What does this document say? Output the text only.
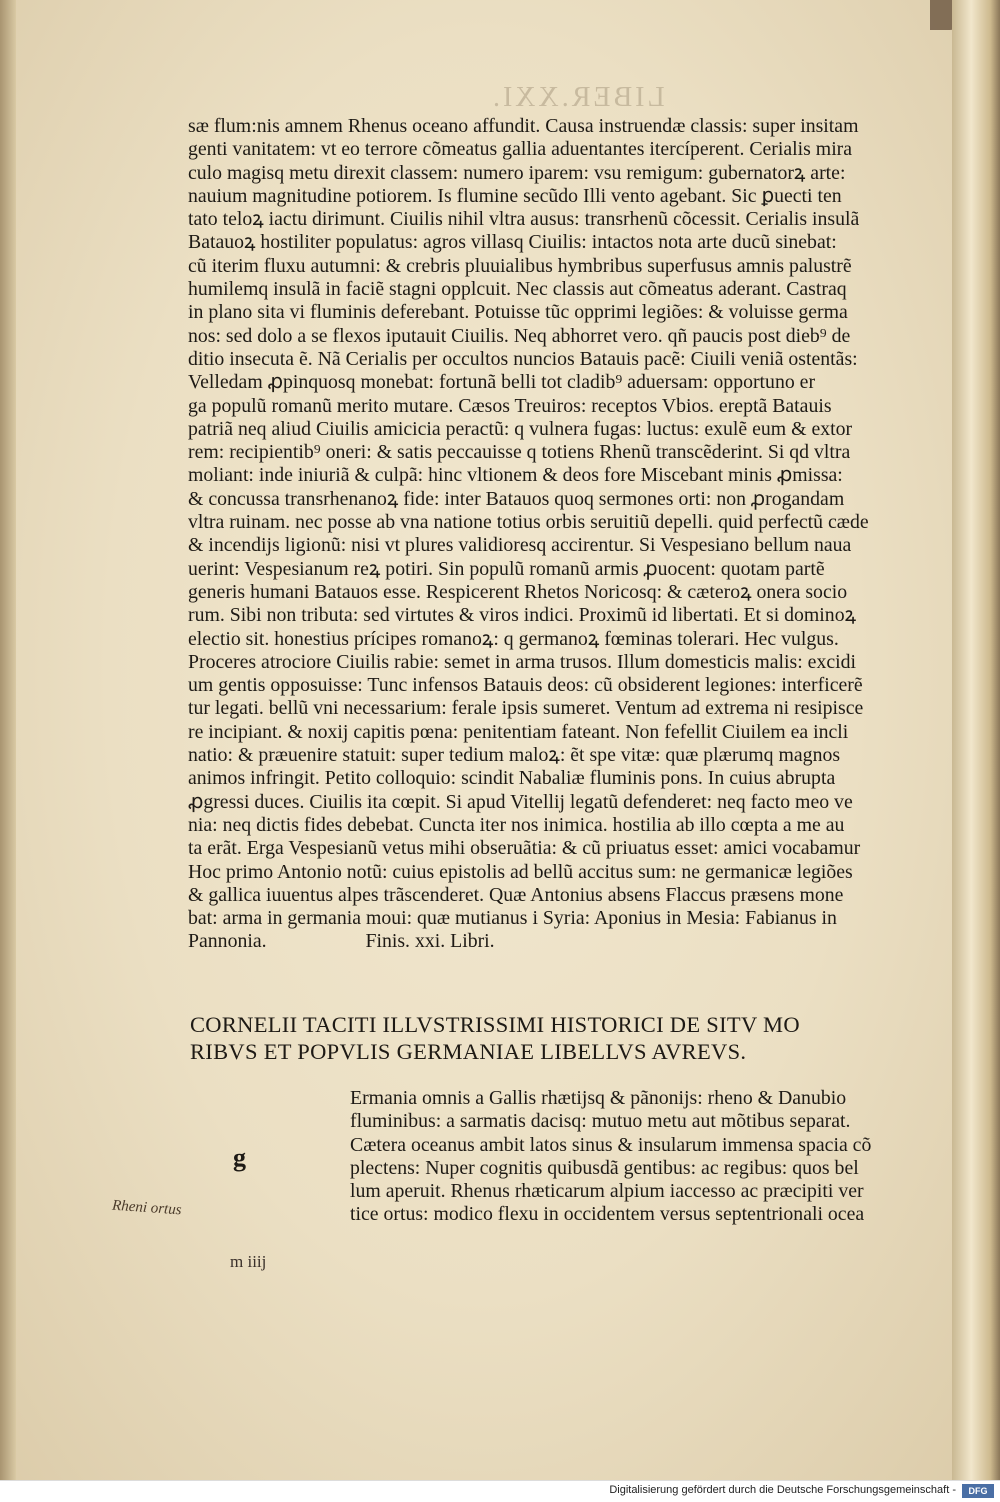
LIBER.XXI.
sæ flum:nis amnem Rhenus oceano affundit. Causa instruendæ classis: super insitam
genti vanitatem: vt eo terrore cõmeatus gallia aduentantes itercíperent. Cerialis mira
culo magisq metu direxit classem: numero iparem: vsu remigum: gubernatorꝝ arte:
nauium magnitudine potiorem. Is flumine secũdo Illi vento agebant. Sic ꝑuecti ten
tato teloꝝ iactu dirimunt. Ciuilis nihil vltra ausus: transrhenũ cõcessit. Cerialis insulã
Batauoꝝ hostiliter populatus: agros villasq Ciuilis: intactos nota arte ducũ sinebat:
cũ iterim fluxu autumni: & crebris pluuialibus hymbribus superfusus amnis palustrẽ
humilemq insulã in faciẽ stagni opplcuit. Nec classis aut cõmeatus aderant. Castraq
in plano sita vi fluminis deferebant. Potuisse tũc opprimi legiões: & voluisse germa
nos: sed dolo a se flexos iputauit Ciuilis. Neq abhorret vero. qñ paucis post dieb⁹ de
ditio insecuta ẽ. Nã Cerialis per occultos nuncios Batauis pacẽ: Ciuili veniã ostentãs:
Velledam ꝓpinquosq monebat: fortunã belli tot cladib⁹ aduersam: opportuno er
ga populũ romanũ merito mutare. Cæsos Treuiros: receptos Vbios. ereptã Batauis
patriã neq aliud Ciuilis amicicia peractũ: q vulnera fugas: luctus: exulẽ eum & extor
rem: recipientib⁹ oneri: & satis peccauisse q totiens Rhenũ transcẽderint. Si qd vltra
moliant: inde iniuriã & culpã: hinc vltionem & deos fore Miscebant minis ꝓmissa:
& concussa transrhenanoꝝ fide: inter Batauos quoq sermones orti: non ꝓrogandam
vltra ruinam. nec posse ab vna natione totius orbis seruitiũ depelli. quid perfectũ cæde
& incendijs ligionũ: nisi vt plures validioresq accirentur. Si Vespesiano bellum naua
uerint: Vespesianum reꝝ potiri. Sin populũ romanũ armis ꝓuocent: quotam partẽ
generis humani Batauos esse. Respicerent Rhetos Noricosq: & cæteroꝝ onera socio
rum. Sibi non tributa: sed virtutes & viros indici. Proximũ id libertati. Et si dominoꝝ
electio sit. honestius prícipes romanoꝝ: q germanoꝝ fœminas tolerari. Hec vulgus.
Proceres atrociore Ciuilis rabie: semet in arma trusos. Illum domesticis malis: excidi
um gentis opposuisse: Tunc infensos Batauis deos: cũ obsiderent legiones: interficerẽ
tur legati. bellũ vni necessarium: ferale ipsis sumeret. Ventum ad extrema ni resipisce
re incipiant. & noxij capitis pœna: penitentiam fateant. Non fefellit Ciuilem ea incli
natio: & præuenire statuit: super tedium maloꝝ: ẽt spe vitæ: quæ plærumq magnos
animos infringit. Petito colloquio: scindit Nabaliæ fluminis pons. In cuius abrupta
ꝓgressi duces. Ciuilis ita cœpit. Si apud Vitellij legatũ defenderet: neq facto meo ve
nia: neq dictis fides debebat. Cuncta iter nos inimica. hostilia ab illo cœpta a me au
ta erãt. Erga Vespesianũ vetus mihi obseruãtia: & cũ priuatus esset: amici vocabamur
Hoc primo Antonio notũ: cuius epistolis ad bellũ accitus sum: ne germanicæ legiões
& gallica iuuentus alpes trãscenderet. Quæ Antonius absens Flaccus præsens mone
bat: arma in germania moui: quæ mutianus i Syria: Aponius in Mesia: Fabianus in
Pannonia.                    Finis. xxi. Libri.
CORNELII TACITI ILLVSTRISSIMI HISTORICI DE SITV MO
RIBVS ET POPVLIS GERMANIAE LIBELLVS AVREVS.
Ermania omnis a Gallis rhætijsq & pãnonijs: rheno & Danubio
fluminibus: a sarmatis dacisq: mutuo metu aut mõtibus separat.
Cætera oceanus ambit latos sinus & insularum immensa spacia cõ
plectens: Nuper cognitis quibusdã gentibus: ac regibus: quos bel
lum aperuit. Rhenus rhæticarum alpium iaccesso ac præcipiti ver
tice ortus: modico flexu in occidentem versus septentrionali ocea
g
Rheni ortus
m iiij
Digitalisierung gefördert durch die Deutsche Forschungsgemeinschaft -	DFG
